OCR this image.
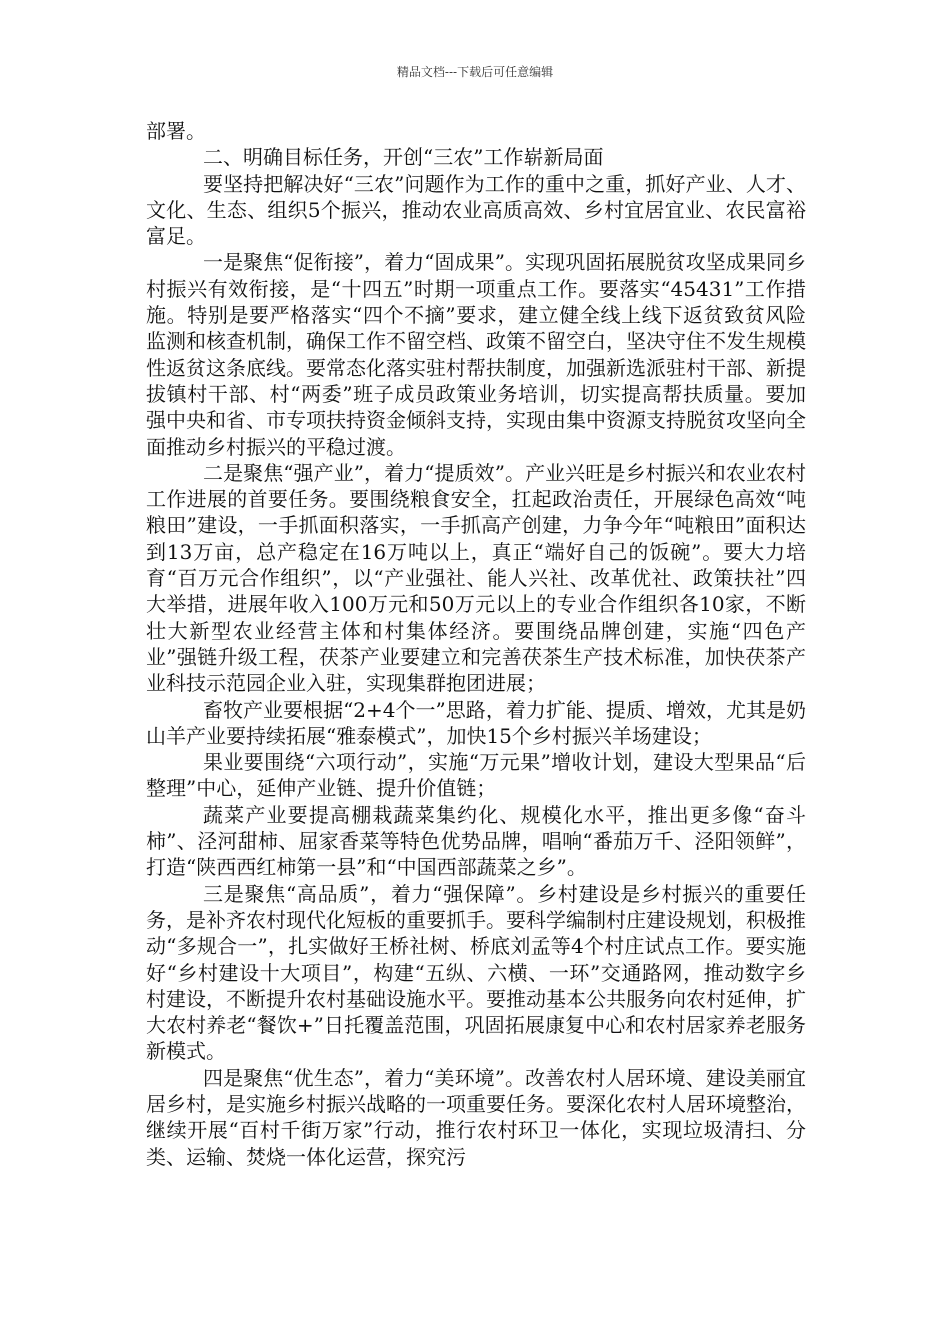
精品文档---下载后可任意编辑

部署。

二、明确目标任务，开创“三农”工作崭新局面

要坚持把解决好“三农”问题作为工作的重中之重，抓好产业、人才、文化、生态、组织5个振兴，推动农业高质高效、乡村宜居宜业、农民富裕富足。

一是聚焦“促衔接”，着力“固成果”。实现巩固拓展脱贫攻坚成果同乡村振兴有效衔接，是“十四五”时期一项重点工作。要落实“45431”工作措施。特别是要严格落实“四个不摘”要求，建立健全线上线下返贫致贫风险监测和核查机制，确保工作不留空档、政策不留空白，坚决守住不发生规模性返贫这条底线。要常态化落实驻村帮扶制度，加强新选派驻村干部、新提拔镇村干部、村“两委”班子成员政策业务培训，切实提高帮扶质量。要加强中央和省、市专项扶持资金倾斜支持，实现由集中资源支持脱贫攻坚向全面推动乡村振兴的平稳过渡。

二是聚焦“强产业”，着力“提质效”。产业兴旺是乡村振兴和农业农村工作进展的首要任务。要围绕粮食安全，扛起政治责任，开展绿色高效“吨粮田”建设，一手抓面积落实，一手抓高产创建，力争今年“吨粮田”面积达到13万亩，总产稳定在16万吨以上，真正“端好自己的饭碗”。要大力培育“百万元合作组织”，以“产业强社、能人兴社、改革优社、政策扶社”四大举措，进展年收入100万元和50万元以上的专业合作组织各10家，不断壮大新型农业经营主体和村集体经济。要围绕品牌创建，实施“四色产业”强链升级工程，茯茶产业要建立和完善茯茶生产技术标准，加快茯茶产业科技示范园企业入驻，实现集群抱团进展；

畜牧产业要根据“2+4个一”思路，着力扩能、提质、增效，尤其是奶山羊产业要持续拓展“雅泰模式”，加快15个乡村振兴羊场建设；

果业要围绕“六项行动”，实施“万元果”增收计划，建设大型果品“后整理”中心，延伸产业链、提升价值链；

蔬菜产业要提高棚栽蔬菜集约化、规模化水平，推出更多像“奋斗柿”、泾河甜柿、屈家香菜等特色优势品牌，唱响“番茄万千、泾阳领鲜”，打造“陕西西红柿第一县”和“中国西部蔬菜之乡”。

三是聚焦“高品质”，着力“强保障”。乡村建设是乡村振兴的重要任务，是补齐农村现代化短板的重要抓手。要科学编制村庄建设规划，积极推动“多规合一”，扎实做好王桥社树、桥底刘孟等4个村庄试点工作。要实施好“乡村建设十大项目”，构建“五纵、六横、一环”交通路网，推动数字乡村建设，不断提升农村基础设施水平。要推动基本公共服务向农村延伸，扩大农村养老“餐饮+”日托覆盖范围，巩固拓展康复中心和农村居家养老服务新模式。

四是聚焦“优生态”，着力“美环境”。改善农村人居环境、建设美丽宜居乡村，是实施乡村振兴战略的一项重要任务。要深化农村人居环境整治，继续开展“百村千街万家”行动，推行农村环卫一体化，实现垃圾清扫、分类、运输、焚烧一体化运营，探究污
